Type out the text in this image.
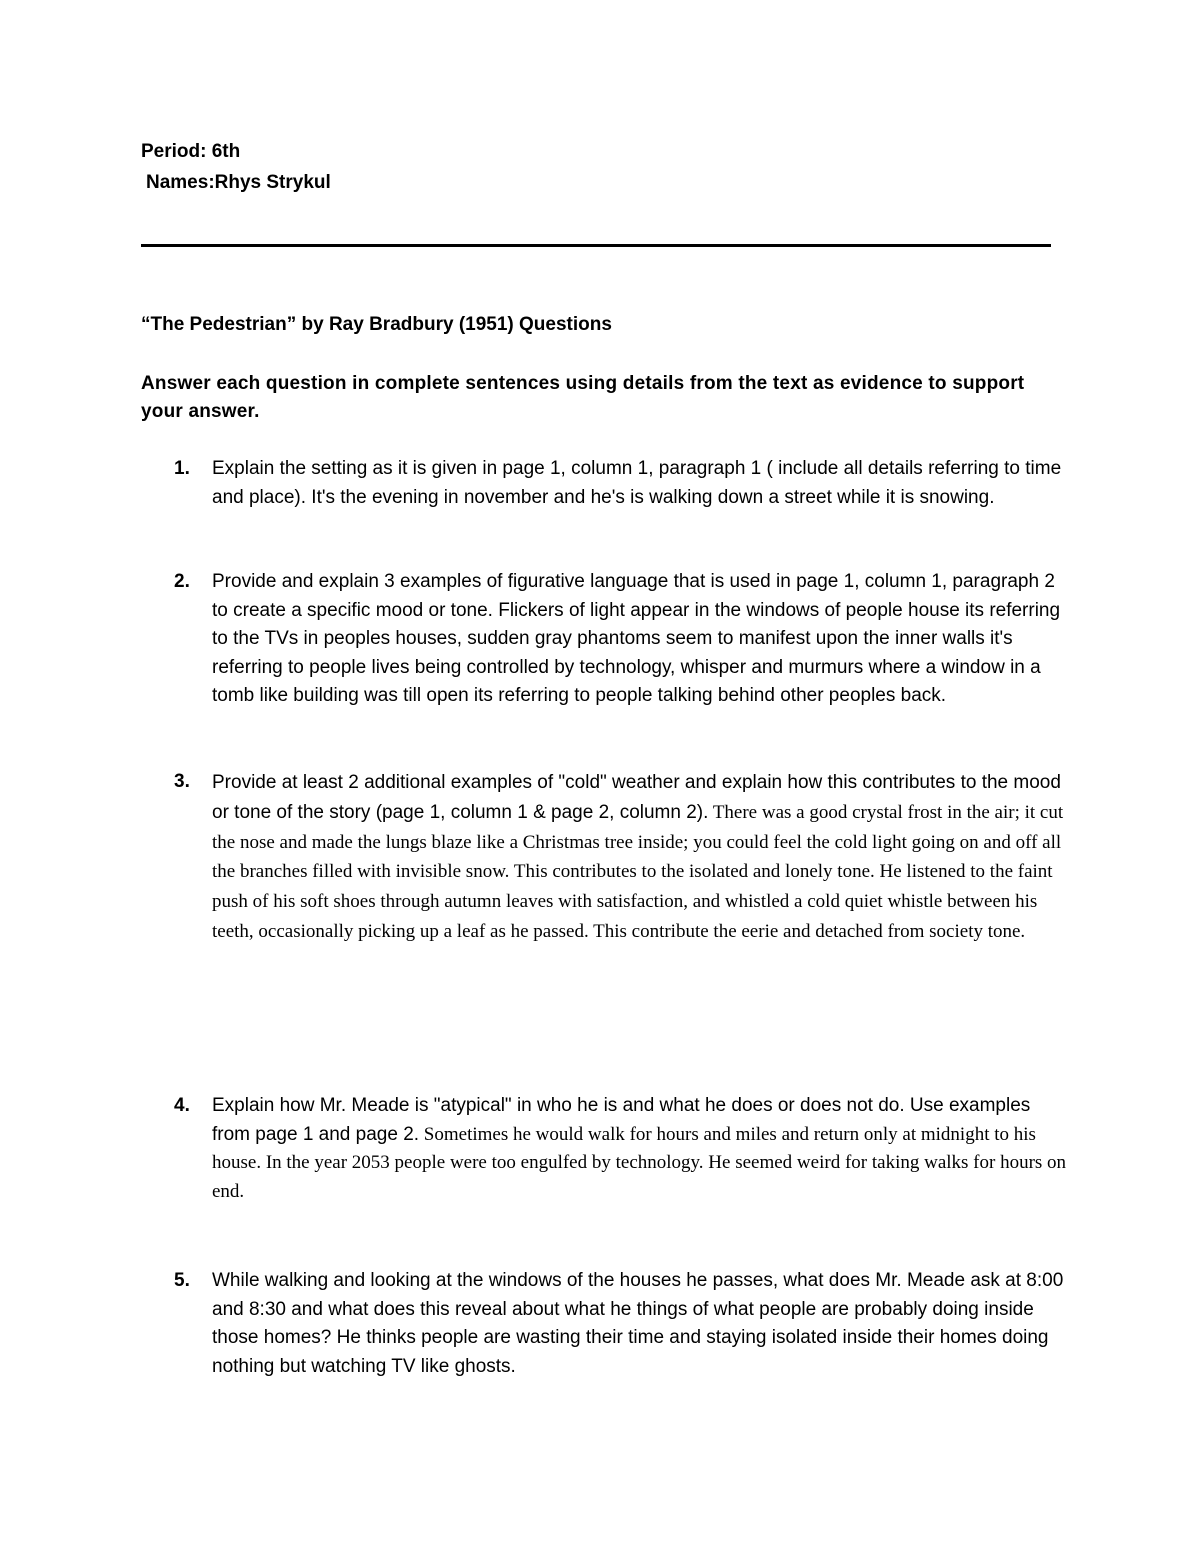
Period: 6th
Names:Rhys Strykul
“The Pedestrian” by Ray Bradbury (1951) Questions
Answer each question in complete sentences using details from the text as evidence to support your answer.
1. Explain the setting as it is given in page 1, column 1, paragraph 1 ( include all details referring to time and place). It's the evening in november and he's is walking down a street while it is snowing.
2. Provide and explain 3 examples of figurative language that is used in page 1, column 1, paragraph 2 to create a specific mood or tone. Flickers of light appear in the windows of people house its referring to the TVs in peoples houses, sudden gray phantoms seem to manifest upon the inner walls it's referring to people lives being controlled by technology, whisper and murmurs where a window in a tomb like building was till open its referring to people talking behind other peoples back.
3. Provide at least 2 additional examples of "cold" weather and explain how this contributes to the mood or tone of the story (page 1, column 1 & page 2, column 2). There was a good crystal frost in the air; it cut the nose and made the lungs blaze like a Christmas tree inside; you could feel the cold light going on and off all the branches filled with invisible snow. This contributes to the isolated and lonely tone. He listened to the faint push of his soft shoes through autumn leaves with satisfaction, and whistled a cold quiet whistle between his teeth, occasionally picking up a leaf as he passed. This contribute the eerie and detached from society tone.
4. Explain how Mr. Meade is "atypical" in who he is and what he does or does not do. Use examples from page 1 and page 2. Sometimes he would walk for hours and miles and return only at midnight to his house. In the year 2053 people were too engulfed by technology. He seemed weird for taking walks for hours on end.
5. While walking and looking at the windows of the houses he passes, what does Mr. Meade ask at 8:00 and 8:30 and what does this reveal about what he things of what people are probably doing inside those homes? He thinks people are wasting their time and staying isolated inside their homes doing nothing but watching TV like ghosts.
